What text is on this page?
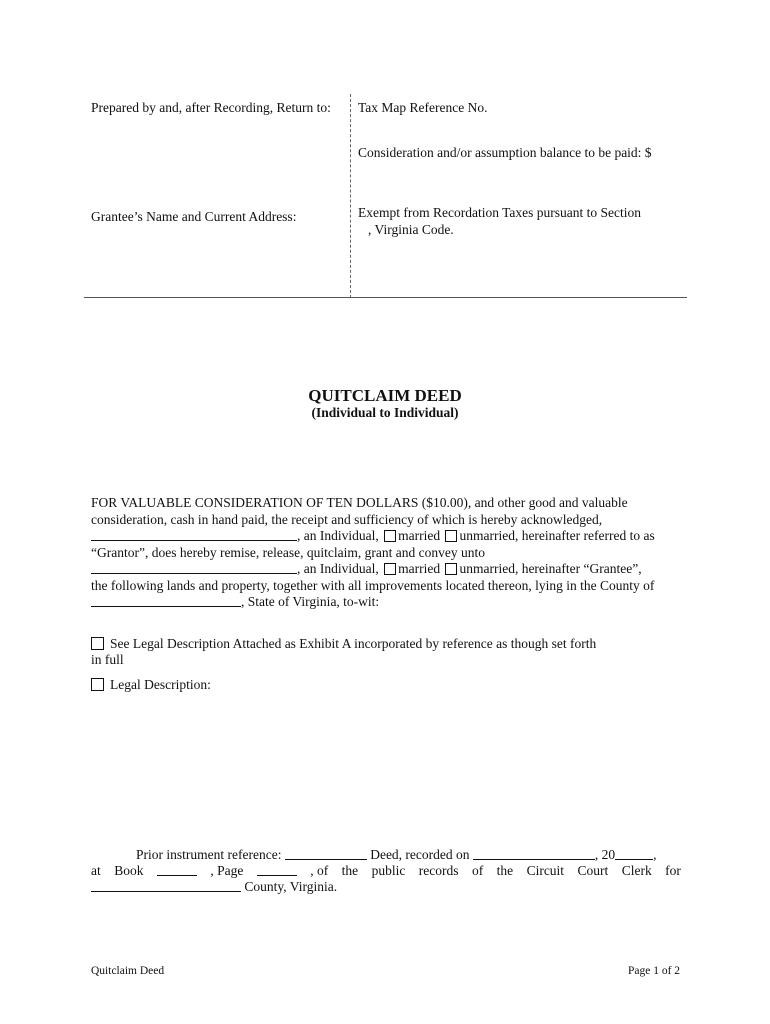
Prepared by and, after Recording, Return to: Tax Map Reference No.
Consideration and/or assumption balance to be paid: $
Grantee’s Name and Current Address:	Exempt from Recordation Taxes pursuant to Section
, Virginia Code.
QUITCLAIM DEED
(Individual to Individual)
FOR VALUABLE CONSIDERATION OF TEN DOLLARS ($10.00), and other good and valuable
consideration, cash in hand paid, the receipt and sufficiency of which is hereby acknowledged,
, an Individual, married unmarried, hereinafter referred to as
“Grantor”, does hereby remise, release, quitclaim, grant and convey unto
, an Individual, married unmarried, hereinafter “Grantee”,
the following lands and property, together with all improvements located thereon, lying in the County of
, State of Virginia, to-wit:
See Legal Description Attached as Exhibit A incorporated by reference as though set forth
in full
Legal Description:
Prior instrument reference:	Deed, recorded on	, 20	,
at Book	, Page	, of the public records of the Circuit Court Clerk for
County, Virginia.
Quitclaim Deed	Page 1 of 2
